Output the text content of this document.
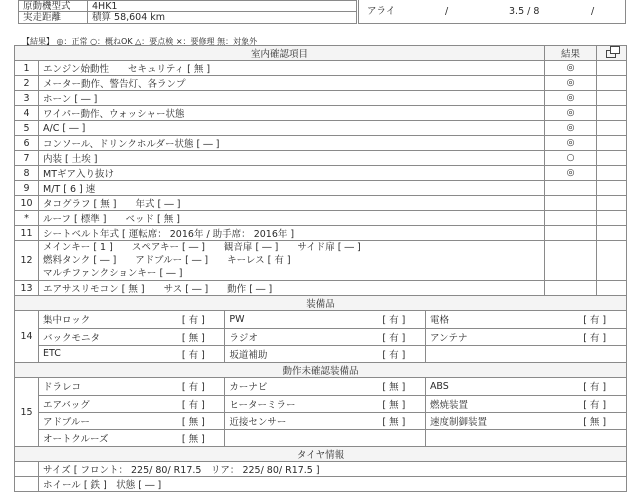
原動機型式	4HK1
実走距離	積算 58,604 km
アライ	/	3.5 / 8	/
【結果】 ◎：正常 ○：概ねOK △：要点検 ×：要修理 無：対象外
室内確認項目	結果	
1	エンジン始動性　　セキュリティ [ 無 ]	◎	
2	メーター動作、警告灯、各ランプ	◎	
3	ホーン [ ― ]	◎	
4	ワイパー動作、ウォッシャー状態	◎	
5	A/C [ ― ]	◎	
6	コンソール、ドリンクホルダー状態 [ ― ]	◎	
7	内装 [ 土埃 ]	○	
8	MTギア入り抜け	◎	
9	M/T [ 6 ] 速		
10	タコグラフ [ 無 ]　　年式 [ ― ]		
*	ルーフ [ 標準 ]　　ベッド [ 無 ]		
11	シートベルト年式 [ 運転席： 2016年 / 助手席： 2016年 ]		
12	
メインキー [ 1 ]　　スペアキー [ ― ]　　観音扉 [ ― ]　　サイド扉 [ ― ]
燃料タンク [ ― ]　　アドブルー [ ― ]　　キーレス [ 有 ]
マルチファンクションキー [ ― ]

13	エアサスリモコン [ 無 ]　　サス [ ― ]　　動作 [ ― ]		
装備品
14	
集中ロック	[ 有 ]	PW	[ 有 ]	電格	[ 有 ]
バックモニタ	[ 無 ]	ラジオ	[ 有 ]	アンテナ	[ 有 ]
ETC	[ 有 ]	坂道補助	[ 有 ]		

動作未確認装備品
15	
ドラレコ	[ 有 ]	カーナビ	[ 無 ]	ABS	[ 有 ]
エアバッグ	[ 有 ]	ヒーターミラー	[ 無 ]	燃焼装置	[ 有 ]
アドブルー	[ 無 ]	近接センサー	[ 無 ]	速度制御装置	[ 無 ]
オートクルーズ	[ 無 ]				

タイヤ情報
	サイズ [ フロント： 225/ 80/ R17.5　リア： 225/ 80/ R17.5 ]
	ホイール [ 鉄 ]　状態 [ ― ]
